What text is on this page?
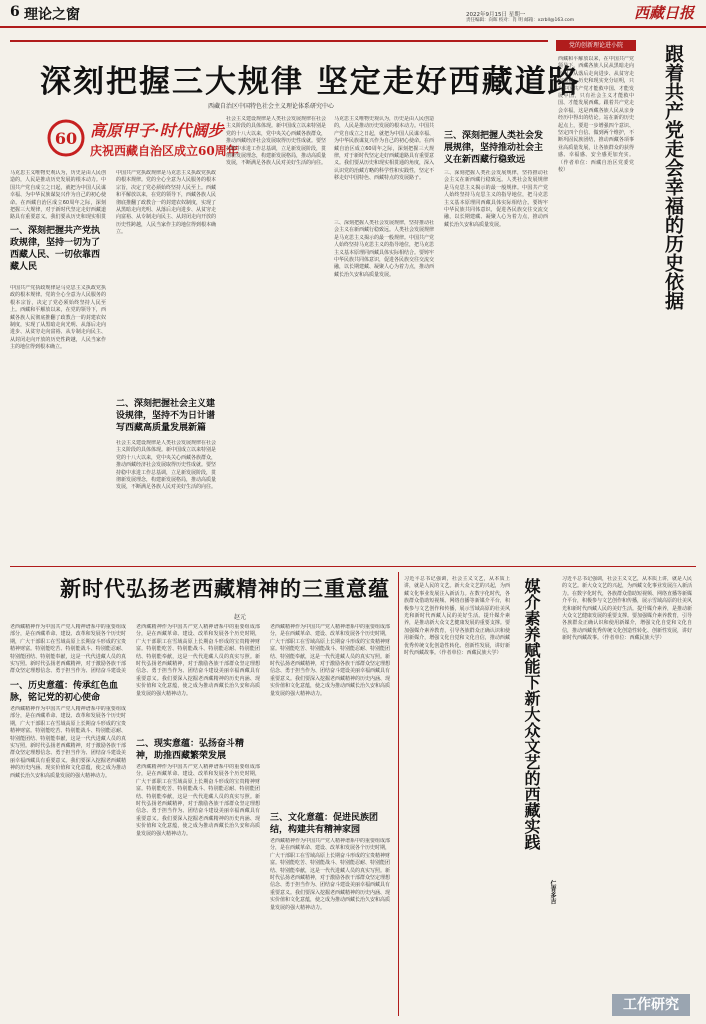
6 理论之窗	2022年9月15日 星期一
责任编辑：向晖 校对：肖 明 邮箱：xzrbll@163.com	西藏日报
深刻把握三大规律 坚定走好西藏道路
西藏自治区中国特色社会主义理论体系研究中心
60 高原甲子·时代阔步
庆祝西藏自治区成立60周年
马克思主义唯物史观认为，历史是由人民创造的，人民是推动历史发展的根本动力。中国共产党自成立之日起，就把为中国人民谋幸福、为中华民族谋复兴作为自己的初心使命。在西藏自治区成立60周年之际，深刻把握三大规律，对于新时代坚定走好西藏道路具有重要意义。我们要从历史和现实相贯
一、深刻把握共产党执政规律，坚持一切为了西藏人民、一切依靠西藏人民
中国共产党执政规律是马克思主义执政党执政的根本规律。党的全心全意为人民服务的根本宗旨，决定了党必须始终坚持人民至上。西藏和平解放以来，在党的领导下，西藏各族人民彻底推翻了政教合一的封建农奴制度，实现了从黑暗走向光明、从落后走向进步、从贫穷走向富裕、从专制走向民主、从封闭走向开放的历史性跨越，人民当家作主的地位得到根本确立。
中国共产党执政规律是马克思主义执政党执政的根本规律。党的全心全意为人民服务的根本宗旨，决定了党必须始终坚持人民至上。西藏和平解放以来，在党的领导下，西藏各族人民彻底推翻了政教合一的封建农奴制度，实现了从黑暗走向光明、从落后走向进步、从贫穷走向富裕、从专制走向民主、从封闭走向开放的历史性跨越，人民当家作主的地位得到根本确立。
二、深刻把握社会主义建设规律，坚持不为日计谱写西藏高质量发展新篇
社会主义建设规律是人类社会发展规律在社会主义阶段的具体体现。新中国成立以来特别是党的十八大以来，党中央关心西藏各族群众，推动西藏经济社会发展取得历史性成就。要坚持稳中求进工作总基调，立足新发展阶段，贯彻新发展理念，构建新发展格局，推动高质量发展，不断满足各族人民对美好生活的向往。
社会主义建设规律是人类社会发展规律在社会主义阶段的具体体现。新中国成立以来特别是党的十八大以来，党中央关心西藏各族群众，推动西藏经济社会发展取得历史性成就。要坚持稳中求进工作总基调，立足新发展阶段，贯彻新发展理念，构建新发展格局，推动高质量发展，不断满足各族人民对美好生活的向往。
马克思主义唯物史观认为，历史是由人民创造的，人民是推动历史发展的根本动力。中国共产党自成立之日起，就把为中国人民谋幸福、为中华民族谋复兴作为自己的初心使命。在西藏自治区成立60周年之际，深刻把握三大规律，对于新时代坚定走好西藏道路具有重要意义。我们要从历史和现实相贯通的角度，深入认识党的治藏方略的科学性和实践性，坚定不移走好中国特色、西藏特点的发展路子。
三、深刻把握人类社会发展规律，坚持推动社会主义在新西藏行稳致远
三、深刻把握人类社会发展规律，坚持推动社会主义在新西藏行稳致远。人类社会发展规律是马克思主义揭示的最一般规律。中国共产党人始终坚持马克思主义的指导地位，把马克思主义基本原理同西藏具体实际相结合。要铸牢中华民族共同体意识，促进各民族交往交流交融，以长期建藏、凝聚人心为着力点，推动西藏长治久安和高质量发展。
三、深刻把握人类社会发展规律，坚持推动社会主义在新西藏行稳致远。人类社会发展规律是马克思主义揭示的最一般规律。中国共产党人始终坚持马克思主义的指导地位，把马克思主义基本原理同西藏具体实际相结合。要铸牢中华民族共同体意识，促进各民族交往交流交融，以长期建藏、凝聚人心为着力点，推动西藏长治久安和高质量发展。
党的创新理论进小院
西藏和平解放以来，在中国共产党领导下，西藏各族人民从黑暗走向光明、从落后走向进步、从贫穷走向富裕。历史和现实充分证明，只有中国共产党才能救中国、才能发展中国，只有社会主义才能救中国、才能发展西藏。跟着共产党走会幸福，这是西藏各族人民从亲身经历中得出的结论。站在新的历史起点上，要进一步增强四个意识、坚定四个自信、做到两个维护，不断巩固民族团结，推动西藏各项事业高质量发展，让各族群众的获得感、幸福感、安全感更加充实。（作者单位：西藏自治区党委党校）	跟着共产党走会幸福的历史依据
新时代弘扬老西藏精神的三重意蕴
赵元
老西藏精神作为中国共产党人精神谱系中的重要组成部分，是在西藏革命、建设、改革和发展各个历史时期，广大干部职工在雪域高原上长期奋斗形成的宝贵精神财富。特别能吃苦、特别能战斗、特别能忍耐、特别能团结、特别能奉献，这是一代代进藏人员的真实写照。新时代弘扬老西藏精神，对于激励各族干部群众坚定理想信念、勇于担当作为、团结奋斗建设美
一、历史意蕴：传承红色血脉，铭记党的初心使命
老西藏精神作为中国共产党人精神谱系中的重要组成部分，是在西藏革命、建设、改革和发展各个历史时期，广大干部职工在雪域高原上长期奋斗形成的宝贵精神财富。特别能吃苦、特别能战斗、特别能忍耐、特别能团结、特别能奉献，这是一代代进藏人员的真实写照。新时代弘扬老西藏精神，对于激励各族干部群众坚定理想信念、勇于担当作为、团结奋斗建设美丽幸福西藏具有重要意义。我们要深入挖掘老西藏精神的历史内涵、现实价值和文化意蕴，使之成为推动西藏长治久安和高质量发展的强大精神动力。
老西藏精神作为中国共产党人精神谱系中的重要组成部分，是在西藏革命、建设、改革和发展各个历史时期，广大干部职工在雪域高原上长期奋斗形成的宝贵精神财富。特别能吃苦、特别能战斗、特别能忍耐、特别能团结、特别能奉献，这是一代代进藏人员的真实写照。新时代弘扬老西藏精神，对于激励各族干部群众坚定理想信念、勇于担当作为、团结奋斗建设美丽幸福西藏具有重要意义。我们要深入挖掘老西藏精神的历史内涵、现实价值和文化意蕴，使之成为推动西藏长治久安和高质量发展的强大精神动力。
二、现实意蕴：弘扬奋斗精神，助推西藏繁荣发展
老西藏精神作为中国共产党人精神谱系中的重要组成部分，是在西藏革命、建设、改革和发展各个历史时期，广大干部职工在雪域高原上长期奋斗形成的宝贵精神财富。特别能吃苦、特别能战斗、特别能忍耐、特别能团结、特别能奉献，这是一代代进藏人员的真实写照。新时代弘扬老西藏精神，对于激励各族干部群众坚定理想信念、勇于担当作为、团结奋斗建设美丽幸福西藏具有重要意义。我们要深入挖掘老西藏精神的历史内涵、现实价值和文化意蕴，使之成为推动西藏长治久安和高质量发展的强大精神动力。
老西藏精神作为中国共产党人精神谱系中的重要组成部分，是在西藏革命、建设、改革和发展各个历史时期，广大干部职工在雪域高原上长期奋斗形成的宝贵精神财富。特别能吃苦、特别能战斗、特别能忍耐、特别能团结、特别能奉献，这是一代代进藏人员的真实写照。新时代弘扬老西藏精神，对于激励各族干部群众坚定理想信念、勇于担当作为、团结奋斗建设美丽幸福西藏具有重要意义。我们要深入挖掘老西藏精神的历史内涵、现实价值和文化意蕴，使之成为推动西藏长治久安和高质量发展的强大精神动力。
三、文化意蕴：促进民族团结，构建共有精神家园
老西藏精神作为中国共产党人精神谱系中的重要组成部分，是在西藏革命、建设、改革和发展各个历史时期，广大干部职工在雪域高原上长期奋斗形成的宝贵精神财富。特别能吃苦、特别能战斗、特别能忍耐、特别能团结、特别能奉献，这是一代代进藏人员的真实写照。新时代弘扬老西藏精神，对于激励各族干部群众坚定理想信念、勇于担当作为、团结奋斗建设美丽幸福西藏具有重要意义。我们要深入挖掘老西藏精神的历史内涵、现实价值和文化意蕴，使之成为推动西藏长治久安和高质量发展的强大精神动力。
习近平总书记强调，社会主义文艺，从本质上讲，就是人民的文艺。新大众文艺的兴起，为西藏文化事业发展注入新活力。在数字化时代，各族群众借助短视频、网络直播等新媒介平台，积极参与文艺创作和传播，展示雪域高原的壮美风光和新时代西藏人民的美好生活。提升媒介素养，是推动新大众文艺健康发展的重要支撑。要加强媒介素养教育，引导各族群众正确认识和使用新媒介，增强文化自觉和文化自信，推动西藏优秀传统文化创造性转化、创新性发展，讲好新时代西藏故事。（作者单位：西藏民族大学）	媒介素养赋能下新大众文艺的西藏实践
仁青多吉
习近平总书记强调，社会主义文艺，从本质上讲，就是人民的文艺。新大众文艺的兴起，为西藏文化事业发展注入新活力。在数字化时代，各族群众借助短视频、网络直播等新媒介平台，积极参与文艺创作和传播，展示雪域高原的壮美风光和新时代西藏人民的美好生活。提升媒介素养，是推动新大众文艺健康发展的重要支撑。要加强媒介素养教育，引导各族群众正确认识和使用新媒介，增强文化自觉和文化自信，推动西藏优秀传统文化创造性转化、创新性发展，讲好新时代西藏故事。（作者单位：西藏民族大学）
工作研究
